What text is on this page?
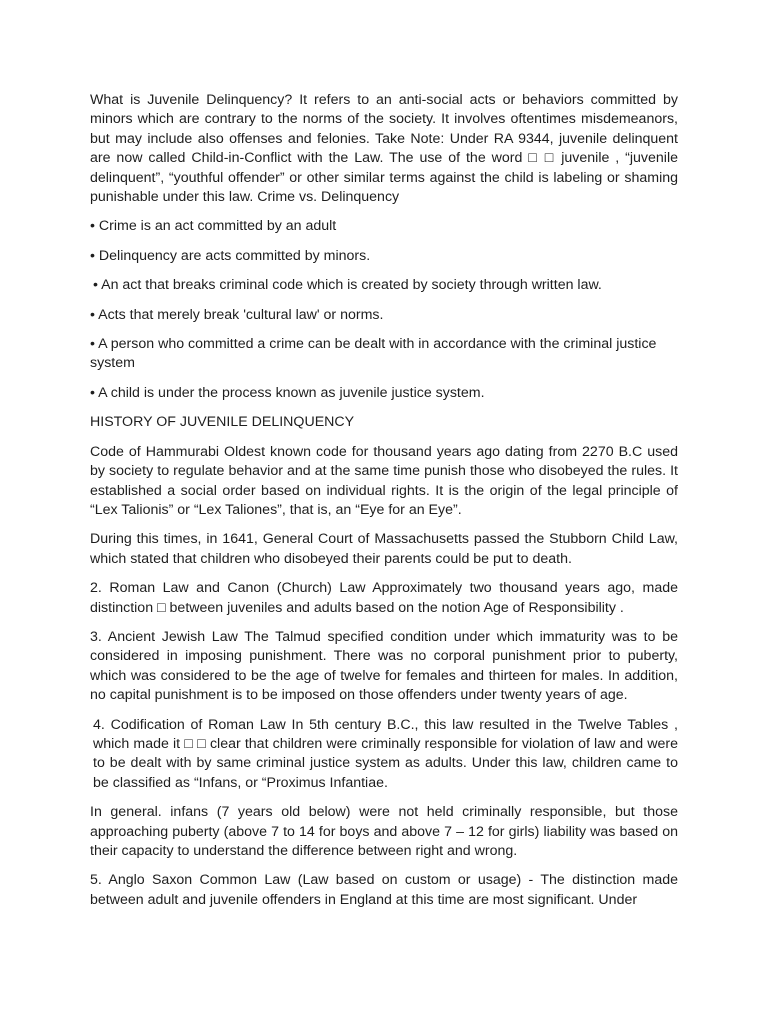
What is Juvenile Delinquency? It refers to an anti-social acts or behaviors committed by minors which are contrary to the norms of the society. It involves oftentimes misdemeanors, but may include also offenses and felonies. Take Note: Under RA 9344, juvenile delinquent are now called Child-in-Conflict with the Law. The use of the word □ □ juvenile , “juvenile delinquent”, “youthful offender” or other similar terms against the child is labeling or shaming punishable under this law. Crime vs. Delinquency

• Crime is an act committed by an adult

• Delinquency are acts committed by minors.

• An act that breaks criminal code which is created by society through written law.

• Acts that merely break 'cultural law' or norms.

• A person who committed a crime can be dealt with in accordance with the criminal justice system

• A child is under the process known as juvenile justice system.

HISTORY OF JUVENILE DELINQUENCY

Code of Hammurabi Oldest known code for thousand years ago dating from 2270 B.C used by society to regulate behavior and at the same time punish those who disobeyed the rules. It established a social order based on individual rights. It is the origin of the legal principle of “Lex Talionis” or “Lex Taliones”, that is, an “Eye for an Eye”.

During this times, in 1641, General Court of Massachusetts passed the Stubborn Child Law, which stated that children who disobeyed their parents could be put to death.

2. Roman Law and Canon (Church) Law Approximately two thousand years ago, made distinction □ between juveniles and adults based on the notion Age of Responsibility .

3. Ancient Jewish Law The Talmud specified condition under which immaturity was to be considered in imposing punishment. There was no corporal punishment prior to puberty, which was considered to be the age of twelve for females and thirteen for males. In addition, no capital punishment is to be imposed on those offenders under twenty years of age.

4. Codification of Roman Law In 5th century B.C., this law resulted in the Twelve Tables , which made it □ □ clear that children were criminally responsible for violation of law and were to be dealt with by same criminal justice system as adults. Under this law, children came to be classified as “Infans, or “Proximus Infantiae.

In general. infans (7 years old below) were not held criminally responsible, but those approaching puberty (above 7 to 14 for boys and above 7 – 12 for girls) liability was based on their capacity to understand the difference between right and wrong.

5. Anglo Saxon Common Law (Law based on custom or usage) - The distinction made between adult and juvenile offenders in England at this time are most significant. Under
